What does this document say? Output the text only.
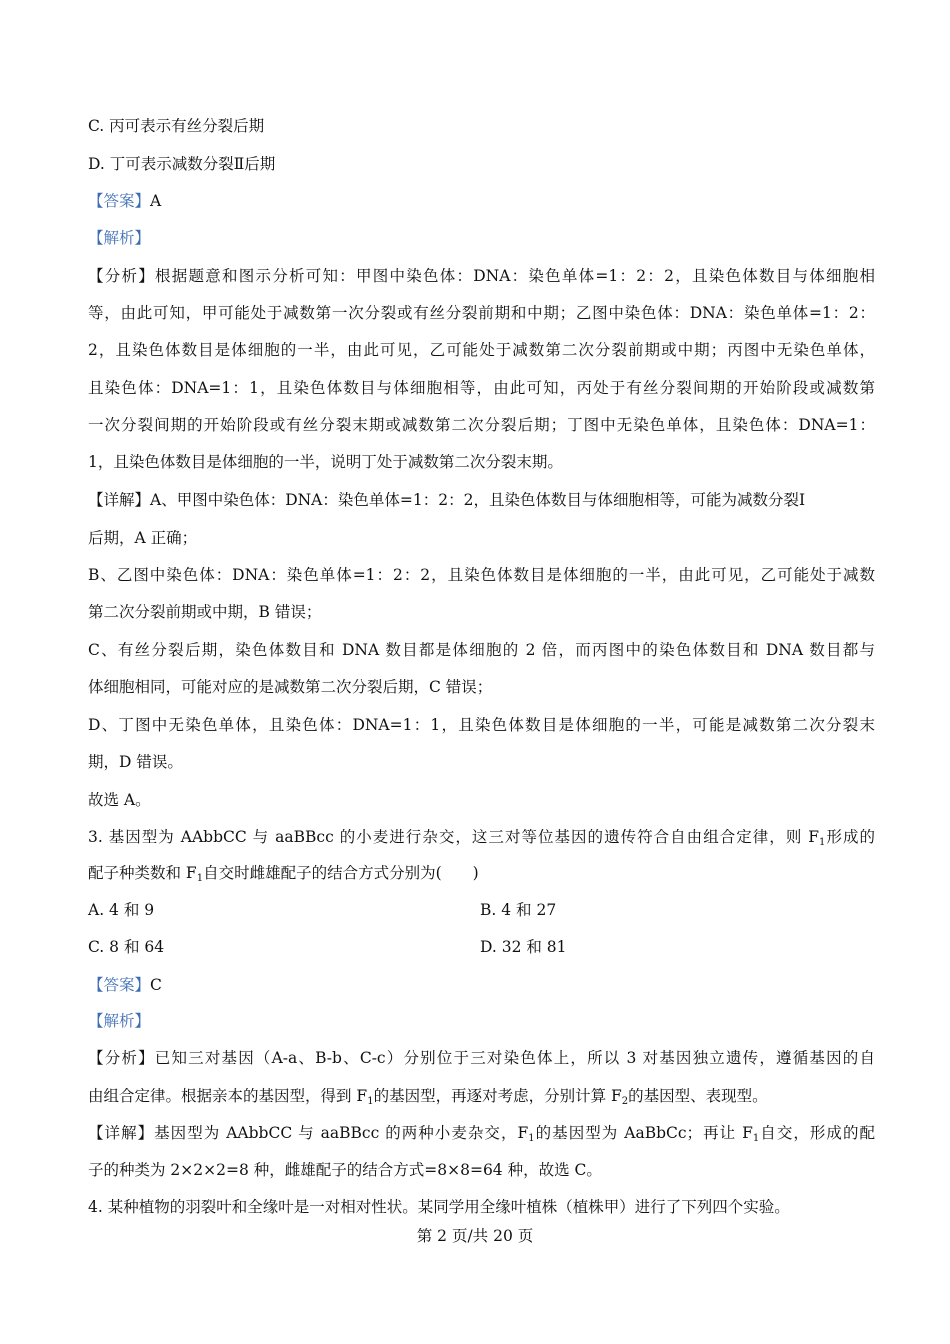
C. 丙可表示有丝分裂后期
D. 丁可表示减数分裂Ⅱ后期
【答案】A
【解析】
【分析】根据题意和图示分析可知：甲图中染色体：DNA：染色单体=1：2：2，且染色体数目与体细胞相
等，由此可知，甲可能处于减数第一次分裂或有丝分裂前期和中期；乙图中染色体：DNA：染色单体=1：2：
2，且染色体数目是体细胞的一半，由此可见，乙可能处于减数第二次分裂前期或中期；丙图中无染色单体，
且染色体：DNA=1：1，且染色体数目与体细胞相等，由此可知，丙处于有丝分裂间期的开始阶段或减数第
一次分裂间期的开始阶段或有丝分裂末期或减数第二次分裂后期；丁图中无染色单体，且染色体：DNA=1：
1，且染色体数目是体细胞的一半，说明丁处于减数第二次分裂末期。
【详解】A、甲图中染色体：DNA：染色单体=1：2：2，且染色体数目与体细胞相等，可能为减数分裂Ⅰ
后期，A 正确；
B、乙图中染色体：DNA：染色单体=1：2：2，且染色体数目是体细胞的一半，由此可见，乙可能处于减数
第二次分裂前期或中期，B 错误；
C、有丝分裂后期，染色体数目和 DNA 数目都是体细胞的 2 倍，而丙图中的染色体数目和 DNA 数目都与
体细胞相同，可能对应的是减数第二次分裂后期，C 错误；
D、丁图中无染色单体，且染色体：DNA=1：1，且染色体数目是体细胞的一半，可能是减数第二次分裂末
期，D 错误。
故选 A。
3. 基因型为 AAbbCC 与 aaBBcc 的小麦进行杂交，这三对等位基因的遗传符合自由组合定律，则 $F_1$形成的
配子种类数和 $F_1$自交时雌雄配子的结合方式分别为(　　)
A. 4 和 9	B. 4 和 27
C. 8 和 64	D. 32 和 81
【答案】C
【解析】
【分析】已知三对基因（A-a、B-b、C-c）分别位于三对染色体上，所以 3 对基因独立遗传，遵循基因的自
由组合定律。根据亲本的基因型，得到 $F_1$的基因型，再逐对考虑，分别计算 $F_2$的基因型、表现型。
【详解】基因型为 AAbbCC 与 aaBBcc 的两种小麦杂交，$F_1$的基因型为 AaBbCc；再让 $F_1$自交，形成的配
子的种类为 2×2×2=8 种，雌雄配子的结合方式=8×8=64 种，故选 C。
4. 某种植物的羽裂叶和全缘叶是一对相对性状。某同学用全缘叶植株（植株甲）进行了下列四个实验。
第 2 页/共 20 页
